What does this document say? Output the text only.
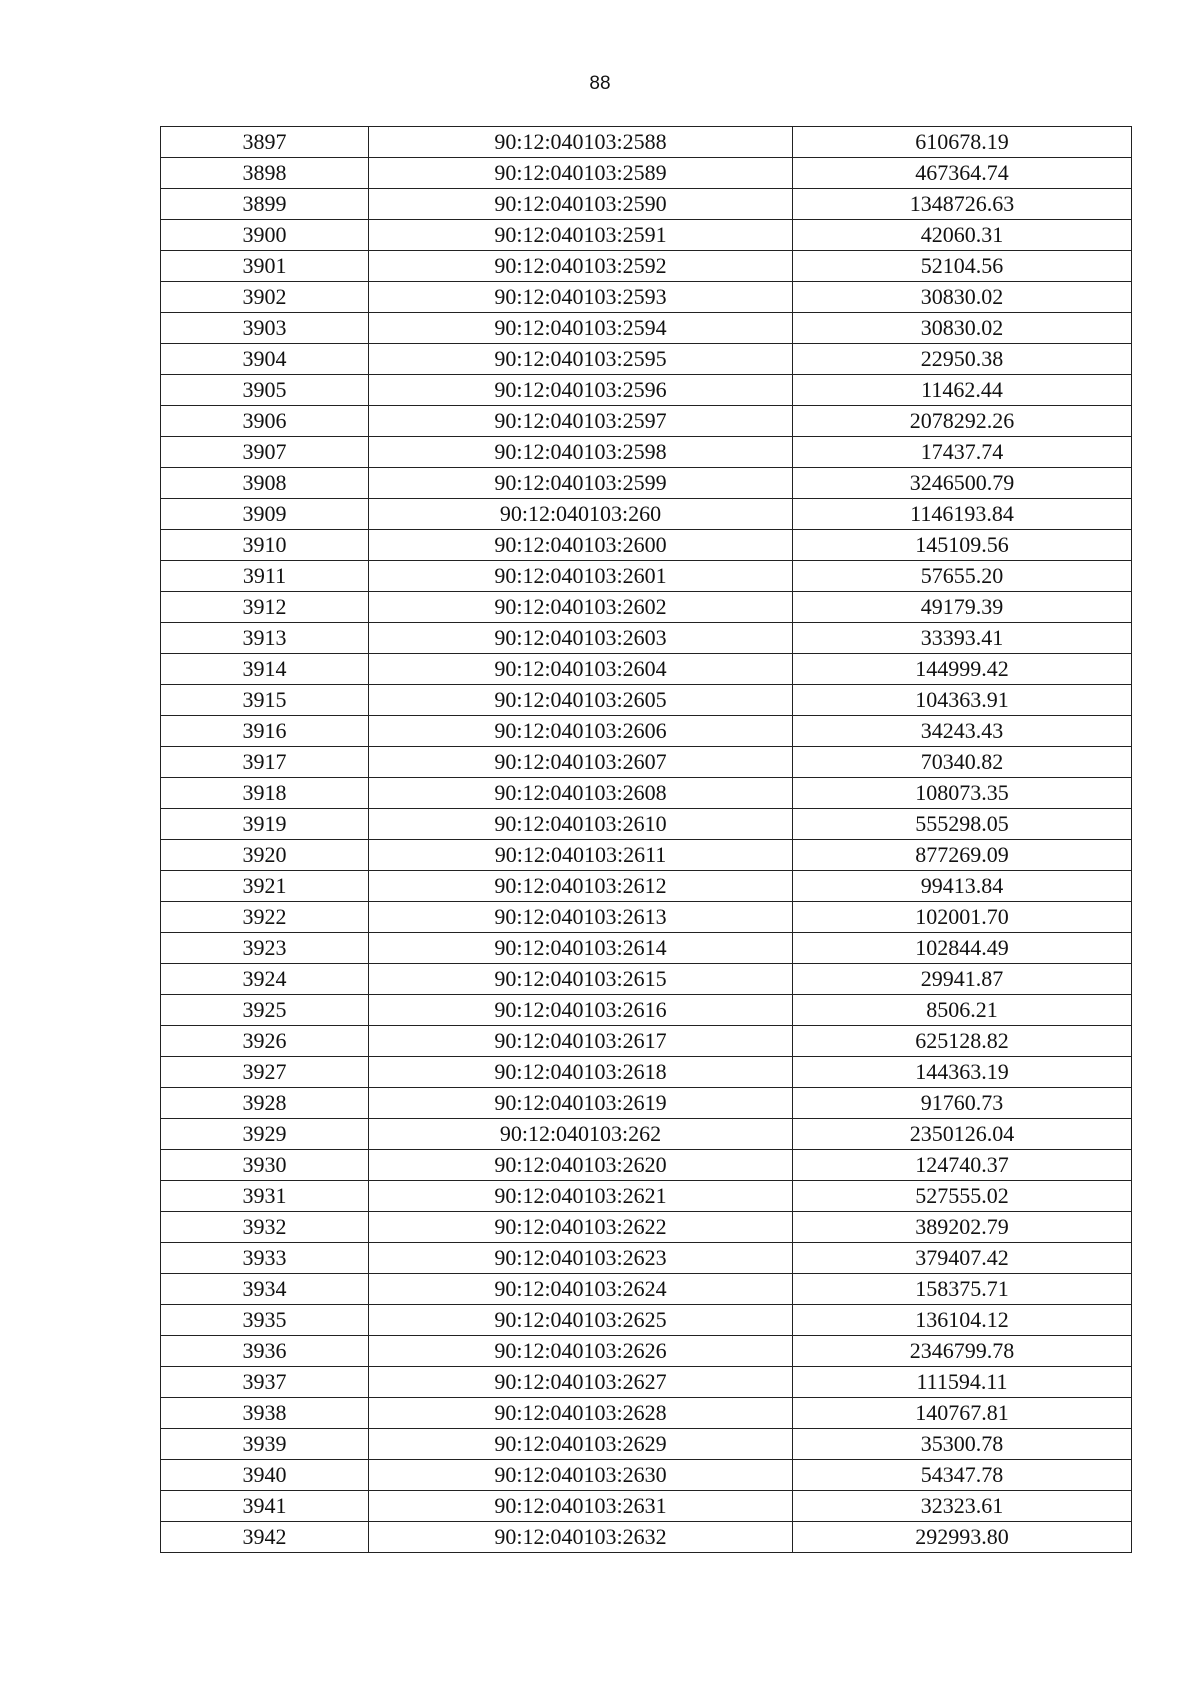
88
3897	90:12:040103:2588	610678.19
3898	90:12:040103:2589	467364.74
3899	90:12:040103:2590	1348726.63
3900	90:12:040103:2591	42060.31
3901	90:12:040103:2592	52104.56
3902	90:12:040103:2593	30830.02
3903	90:12:040103:2594	30830.02
3904	90:12:040103:2595	22950.38
3905	90:12:040103:2596	11462.44
3906	90:12:040103:2597	2078292.26
3907	90:12:040103:2598	17437.74
3908	90:12:040103:2599	3246500.79
3909	90:12:040103:260	1146193.84
3910	90:12:040103:2600	145109.56
3911	90:12:040103:2601	57655.20
3912	90:12:040103:2602	49179.39
3913	90:12:040103:2603	33393.41
3914	90:12:040103:2604	144999.42
3915	90:12:040103:2605	104363.91
3916	90:12:040103:2606	34243.43
3917	90:12:040103:2607	70340.82
3918	90:12:040103:2608	108073.35
3919	90:12:040103:2610	555298.05
3920	90:12:040103:2611	877269.09
3921	90:12:040103:2612	99413.84
3922	90:12:040103:2613	102001.70
3923	90:12:040103:2614	102844.49
3924	90:12:040103:2615	29941.87
3925	90:12:040103:2616	8506.21
3926	90:12:040103:2617	625128.82
3927	90:12:040103:2618	144363.19
3928	90:12:040103:2619	91760.73
3929	90:12:040103:262	2350126.04
3930	90:12:040103:2620	124740.37
3931	90:12:040103:2621	527555.02
3932	90:12:040103:2622	389202.79
3933	90:12:040103:2623	379407.42
3934	90:12:040103:2624	158375.71
3935	90:12:040103:2625	136104.12
3936	90:12:040103:2626	2346799.78
3937	90:12:040103:2627	111594.11
3938	90:12:040103:2628	140767.81
3939	90:12:040103:2629	35300.78
3940	90:12:040103:2630	54347.78
3941	90:12:040103:2631	32323.61
3942	90:12:040103:2632	292993.80
